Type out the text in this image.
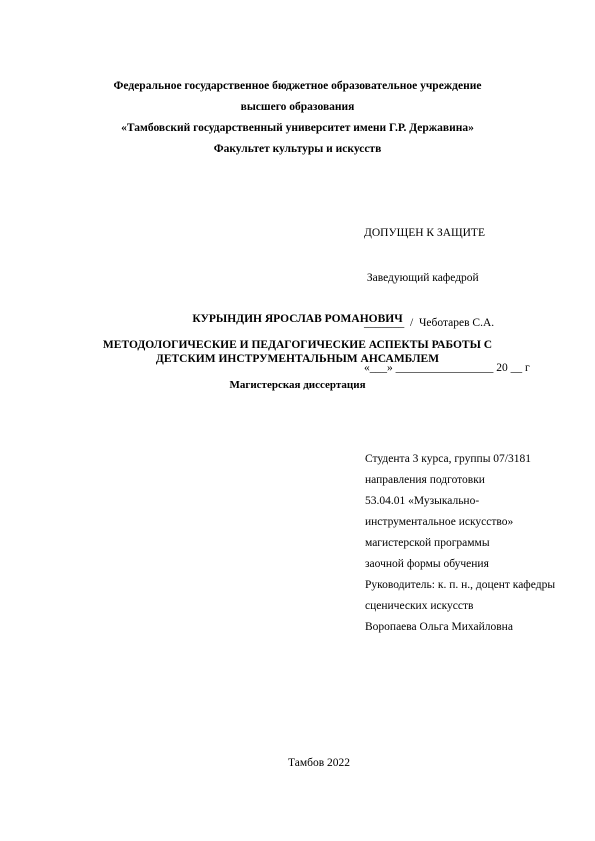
Федеральное государственное бюджетное образовательное учреждение
высшего образования
«Тамбовский государственный университет имени Г.Р. Державина»
Факультет культуры и искусств

ДОПУЩЕН К ЗАЩИТЕ

Заведующий кафедрой

_______  /  Чеботарев С.А.

«___» _________________ 20 __ г

КУРЫНДИН ЯРОСЛАВ РОМАНОВИЧ
МЕТОДОЛОГИЧЕСКИЕ И ПЕДАГОГИЧЕСКИЕ АСПЕКТЫ РАБОТЫ С
ДЕТСКИМ ИНСТРУМЕНТАЛЬНЫМ АНСАМБЛЕМ
Магистерская диссертация
Студента 3 курса, группы 07/3181
направления подготовки
53.04.01 «Музыкально-
инструментальное искусство»
магистерской программы
заочной формы обучения
Руководитель: к. п. н., доцент кафедры
сценических искусств
Воропаева Ольга Михайловна
Тамбов 2022
